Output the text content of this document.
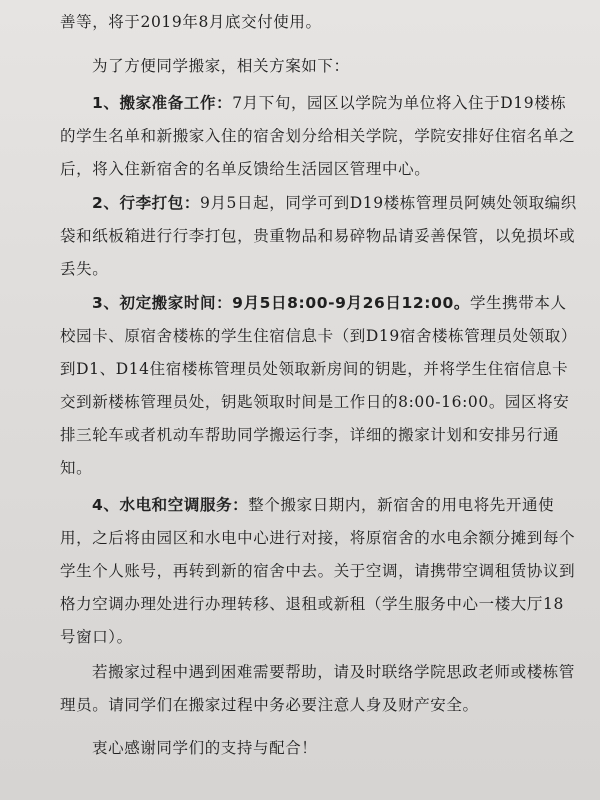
善等，将于2019年8月底交付使用。

为了方便同学搬家，相关方案如下：

1、搬家准备工作：7月下旬，园区以学院为单位将入住于D19楼栋的学生名单和新搬家入住的宿舍划分给相关学院，学院安排好住宿名单之后，将入住新宿舍的名单反馈给生活园区管理中心。

2、行李打包：9月5日起，同学可到D19楼栋管理员阿姨处领取编织袋和纸板箱进行行李打包，贵重物品和易碎物品请妥善保管，以免损坏或丢失。

3、初定搬家时间：9月5日8:00-9月26日12:00。学生携带本人校园卡、原宿舍楼栋的学生住宿信息卡（到D19宿舍楼栋管理员处领取）到D1、D14住宿楼栋管理员处领取新房间的钥匙，并将学生住宿信息卡交到新楼栋管理员处，钥匙领取时间是工作日的8:00-16:00。园区将安排三轮车或者机动车帮助同学搬运行李，详细的搬家计划和安排另行通知。

4、水电和空调服务：整个搬家日期内，新宿舍的用电将先开通使用，之后将由园区和水电中心进行对接，将原宿舍的水电余额分摊到每个学生个人账号，再转到新的宿舍中去。关于空调，请携带空调租赁协议到格力空调办理处进行办理转移、退租或新租（学生服务中心一楼大厅18号窗口）。

若搬家过程中遇到困难需要帮助，请及时联络学院思政老师或楼栋管理员。请同学们在搬家过程中务必要注意人身及财产安全。

衷心感谢同学们的支持与配合！
